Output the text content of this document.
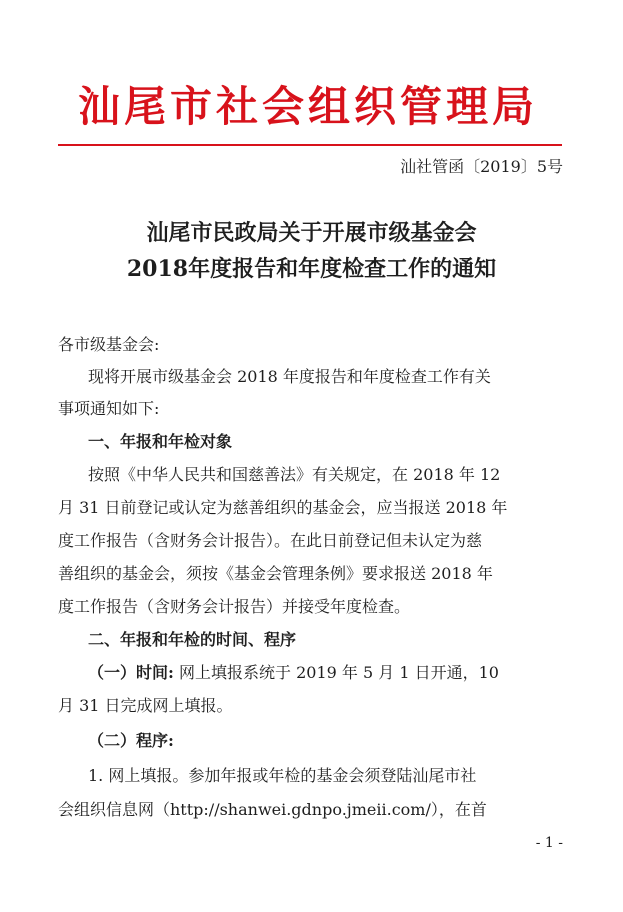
汕尾市社会组织管理局
汕社管函〔2019〕5号
汕尾市民政局关于开展市级基金会
2018年度报告和年度检查工作的通知
各市级基金会:
现将开展市级基金会 2018 年度报告和年度检查工作有关
事项通知如下:
一、年报和年检对象
按照《中华人民共和国慈善法》有关规定，在 2018 年 12
月 31 日前登记或认定为慈善组织的基金会，应当报送 2018 年
度工作报告（含财务会计报告）。在此日前登记但未认定为慈
善组织的基金会，须按《基金会管理条例》要求报送 2018 年
度工作报告（含财务会计报告）并接受年度检查。
二、年报和年检的时间、程序
（一）时间: 网上填报系统于 2019 年 5 月 1 日开通，10
月 31 日完成网上填报。
（二）程序:
1. 网上填报。参加年报或年检的基金会须登陆汕尾市社
会组织信息网（http://shanwei.gdnpo.jmeii.com/），在首
- 1 -
